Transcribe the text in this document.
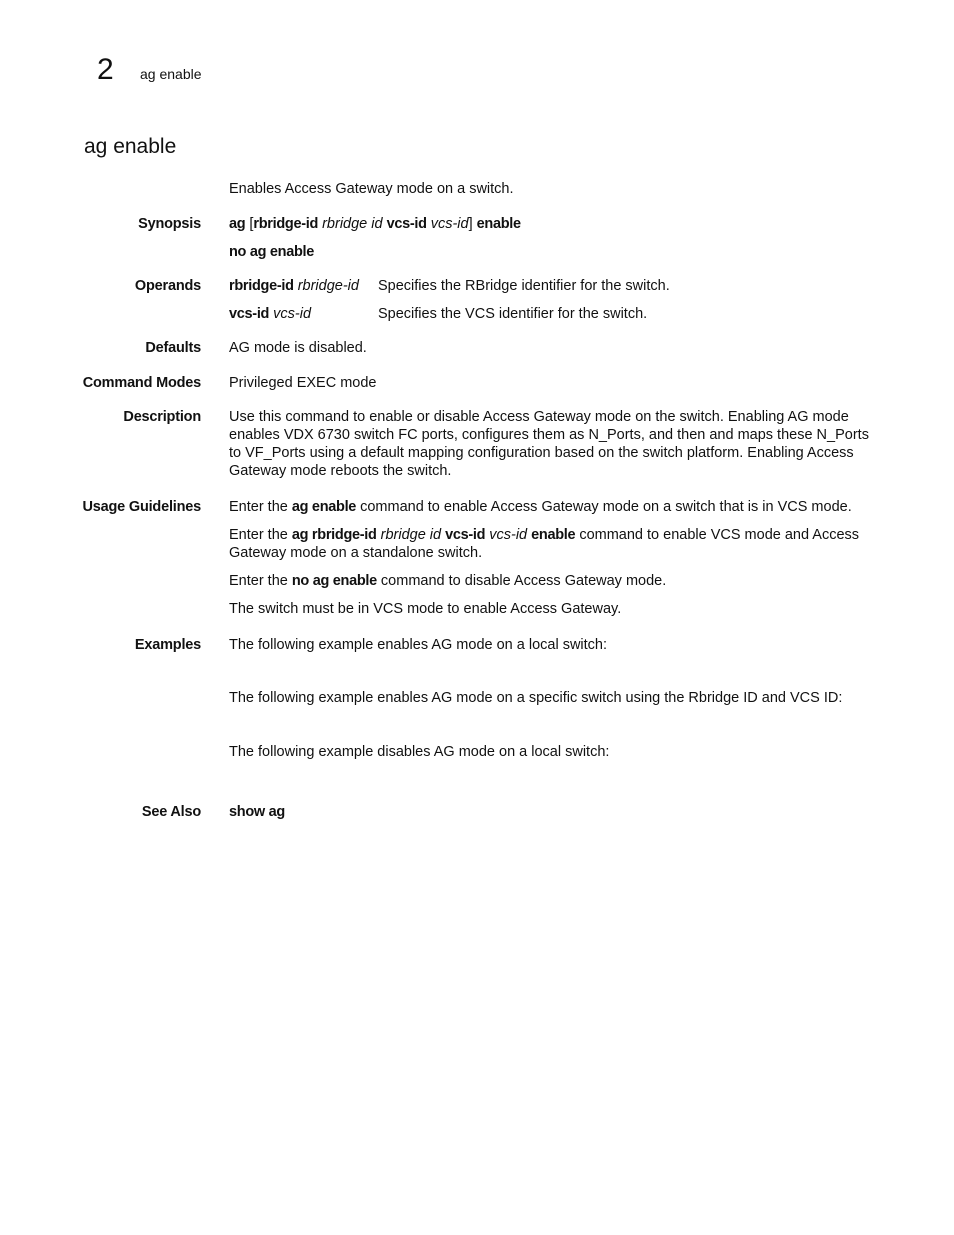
2 ag enable
ag enable
Enables Access Gateway mode on a switch.
Synopsis ag [rbridge-id rbridge id vcs-id vcs-id] enable

no ag enable

Operands rbridge-id rbridge-id Specifies the RBridge identifier for the switch.
vcs-id vcs-id	Specifies the VCS identifier for the switch.
Defaults AG mode is disabled.
Command Modes Privileged EXEC mode
Description Use this command to enable or disable Access Gateway mode on the switch. Enabling AG mode enables VDX 6730 switch FC ports, configures them as N_Ports, and then and maps these N_Ports to VF_Ports using a default mapping configuration based on the switch platform. Enabling Access Gateway mode reboots the switch.
Usage Guidelines Enter the ag enable command to enable Access Gateway mode on a switch that is in VCS mode.

Enter the ag rbridge-id rbridge id vcs-id vcs-id enable command to enable VCS mode and Access Gateway mode on a standalone switch.

Enter the no ag enable command to disable Access Gateway mode.

The switch must be in VCS mode to enable Access Gateway.

Examples The following example enables AG mode on a local switch:
The following example enables AG mode on a specific switch using the Rbridge ID and VCS ID:
The following example disables AG mode on a local switch:
See Also show ag
